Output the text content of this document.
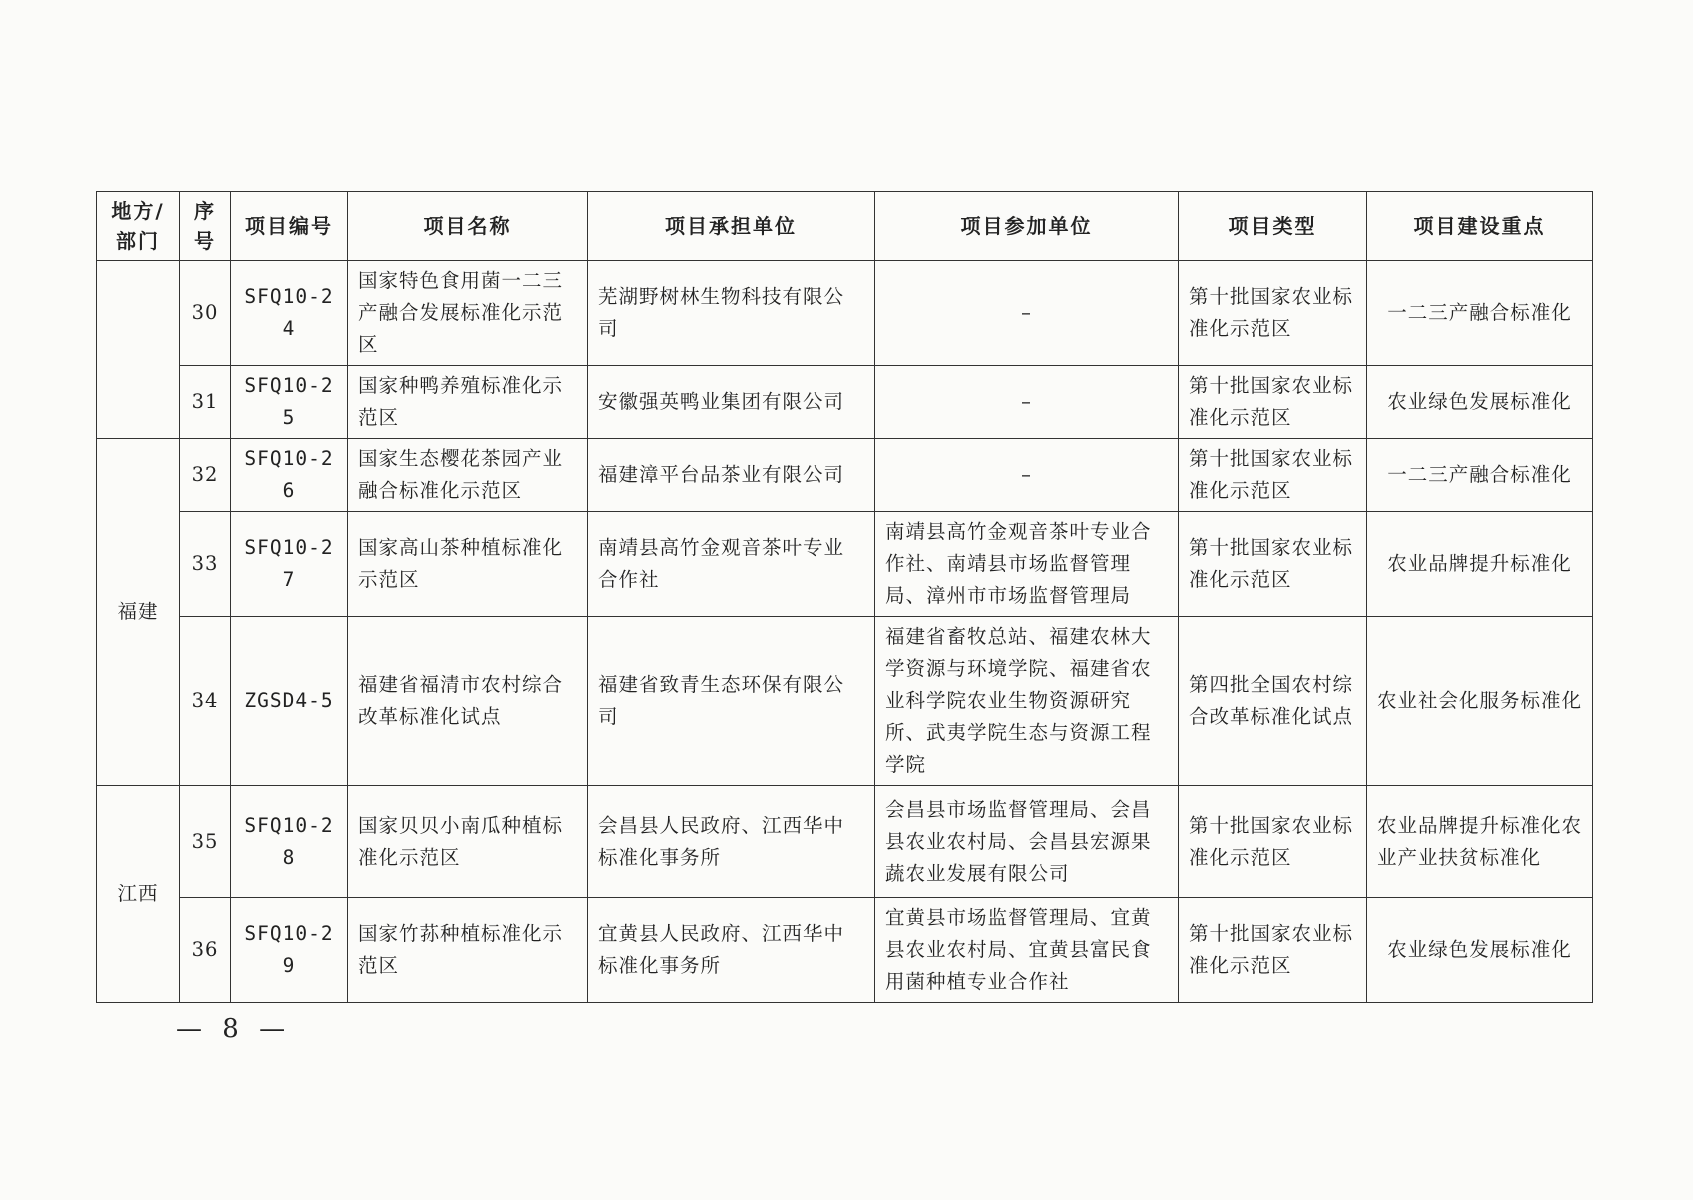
地方/部门	序号	项目编号	项目名称	项目承担单位	项目参加单位	项目类型	项目建设重点
	30	SFQ10-24	国家特色食用菌一二三产融合发展标准化示范区	芜湖野树林生物科技有限公司	–	第十批国家农业标准化示范区	一二三产融合标准化
	31	SFQ10-25	国家种鸭养殖标准化示范区	安徽强英鸭业集团有限公司	–	第十批国家农业标准化示范区	农业绿色发展标准化
福建	32	SFQ10-26	国家生态樱花茶园产业融合标准化示范区	福建漳平台品茶业有限公司	–	第十批国家农业标准化示范区	一二三产融合标准化
	33	SFQ10-27	国家高山茶种植标准化示范区	南靖县高竹金观音茶叶专业合作社	南靖县高竹金观音茶叶专业合作社、南靖县市场监督管理局、漳州市市场监督管理局	第十批国家农业标准化示范区	农业品牌提升标准化
	34	ZGSD4-5	福建省福清市农村综合改革标准化试点	福建省致青生态环保有限公司	福建省畜牧总站、福建农林大学资源与环境学院、福建省农业科学院农业生物资源研究所、武夷学院生态与资源工程学院	第四批全国农村综合改革标准化试点	农业社会化服务标准化
江西	35	SFQ10-28	国家贝贝小南瓜种植标准化示范区	会昌县人民政府、江西华中标准化事务所	会昌县市场监督管理局、会昌县农业农村局、会昌县宏源果蔬农业发展有限公司	第十批国家农业标准化示范区	农业品牌提升标准化农业产业扶贫标准化
	36	SFQ10-29	国家竹荪种植标准化示范区	宜黄县人民政府、江西华中标准化事务所	宜黄县市场监督管理局、宜黄县农业农村局、宜黄县富民食用菌种植专业合作社	第十批国家农业标准化示范区	农业绿色发展标准化
— 8 —
